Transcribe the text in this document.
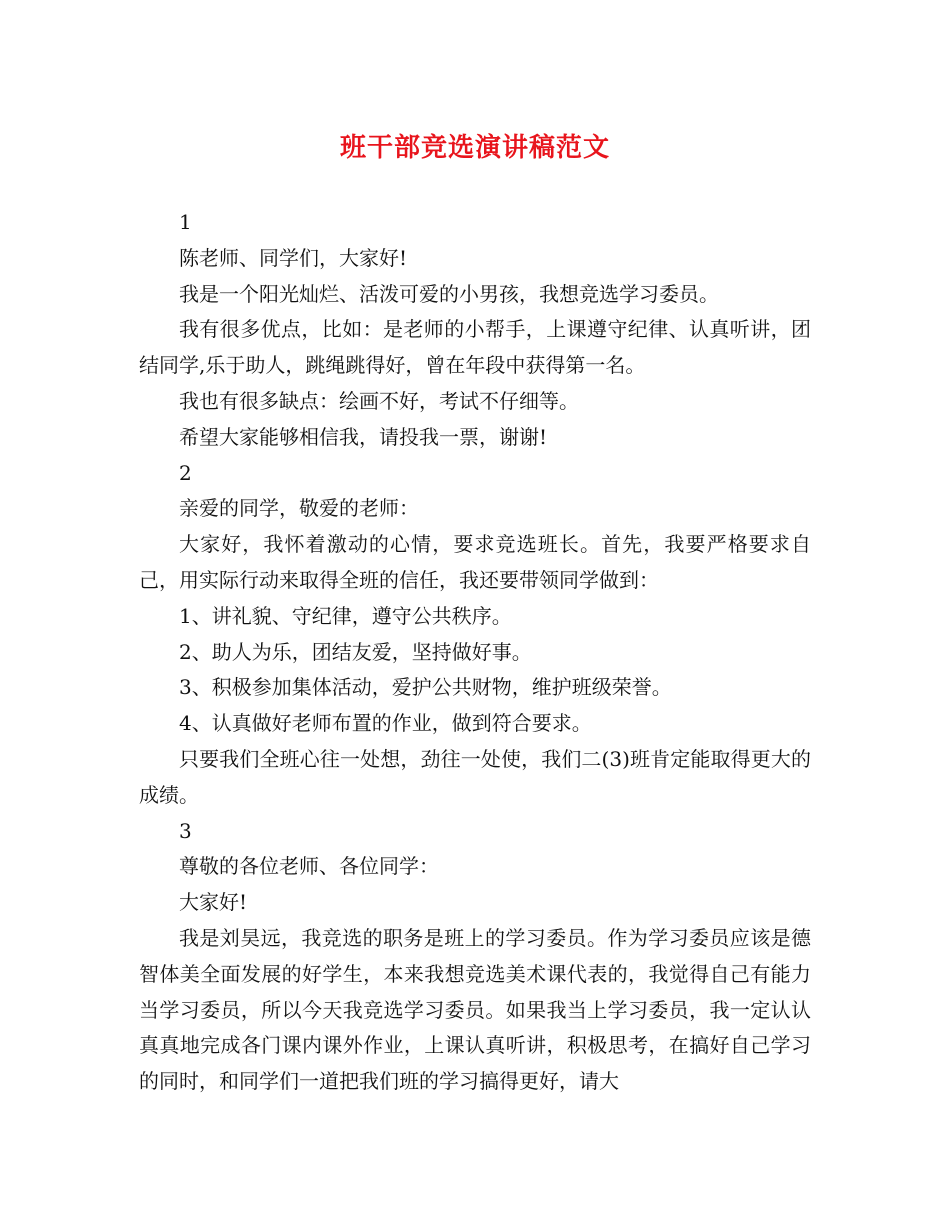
班干部竞选演讲稿范文

1

陈老师、同学们，大家好!

我是一个阳光灿烂、活泼可爱的小男孩，我想竞选学习委员。

我有很多优点，比如：是老师的小帮手，上课遵守纪律、认真听讲，团结同学,乐于助人，跳绳跳得好，曾在年段中获得第一名。

我也有很多缺点：绘画不好，考试不仔细等。

希望大家能够相信我，请投我一票，谢谢!

2

亲爱的同学，敬爱的老师：

大家好，我怀着激动的心情，要求竞选班长。首先，我要严格要求自己，用实际行动来取得全班的信任，我还要带领同学做到：

1、讲礼貌、守纪律，遵守公共秩序。

2、助人为乐，团结友爱，坚持做好事。

3、积极参加集体活动，爱护公共财物，维护班级荣誉。

4、认真做好老师布置的作业，做到符合要求。

只要我们全班心往一处想，劲往一处使，我们二(3)班肯定能取得更大的成绩。

3

尊敬的各位老师、各位同学：

大家好!

我是刘昊远，我竞选的职务是班上的学习委员。作为学习委员应该是德智体美全面发展的好学生，本来我想竞选美术课代表的，我觉得自己有能力当学习委员，所以今天我竞选学习委员。如果我当上学习委员，我一定认认真真地完成各门课内课外作业，上课认真听讲，积极思考，在搞好自己学习的同时，和同学们一道把我们班的学习搞得更好，请大
